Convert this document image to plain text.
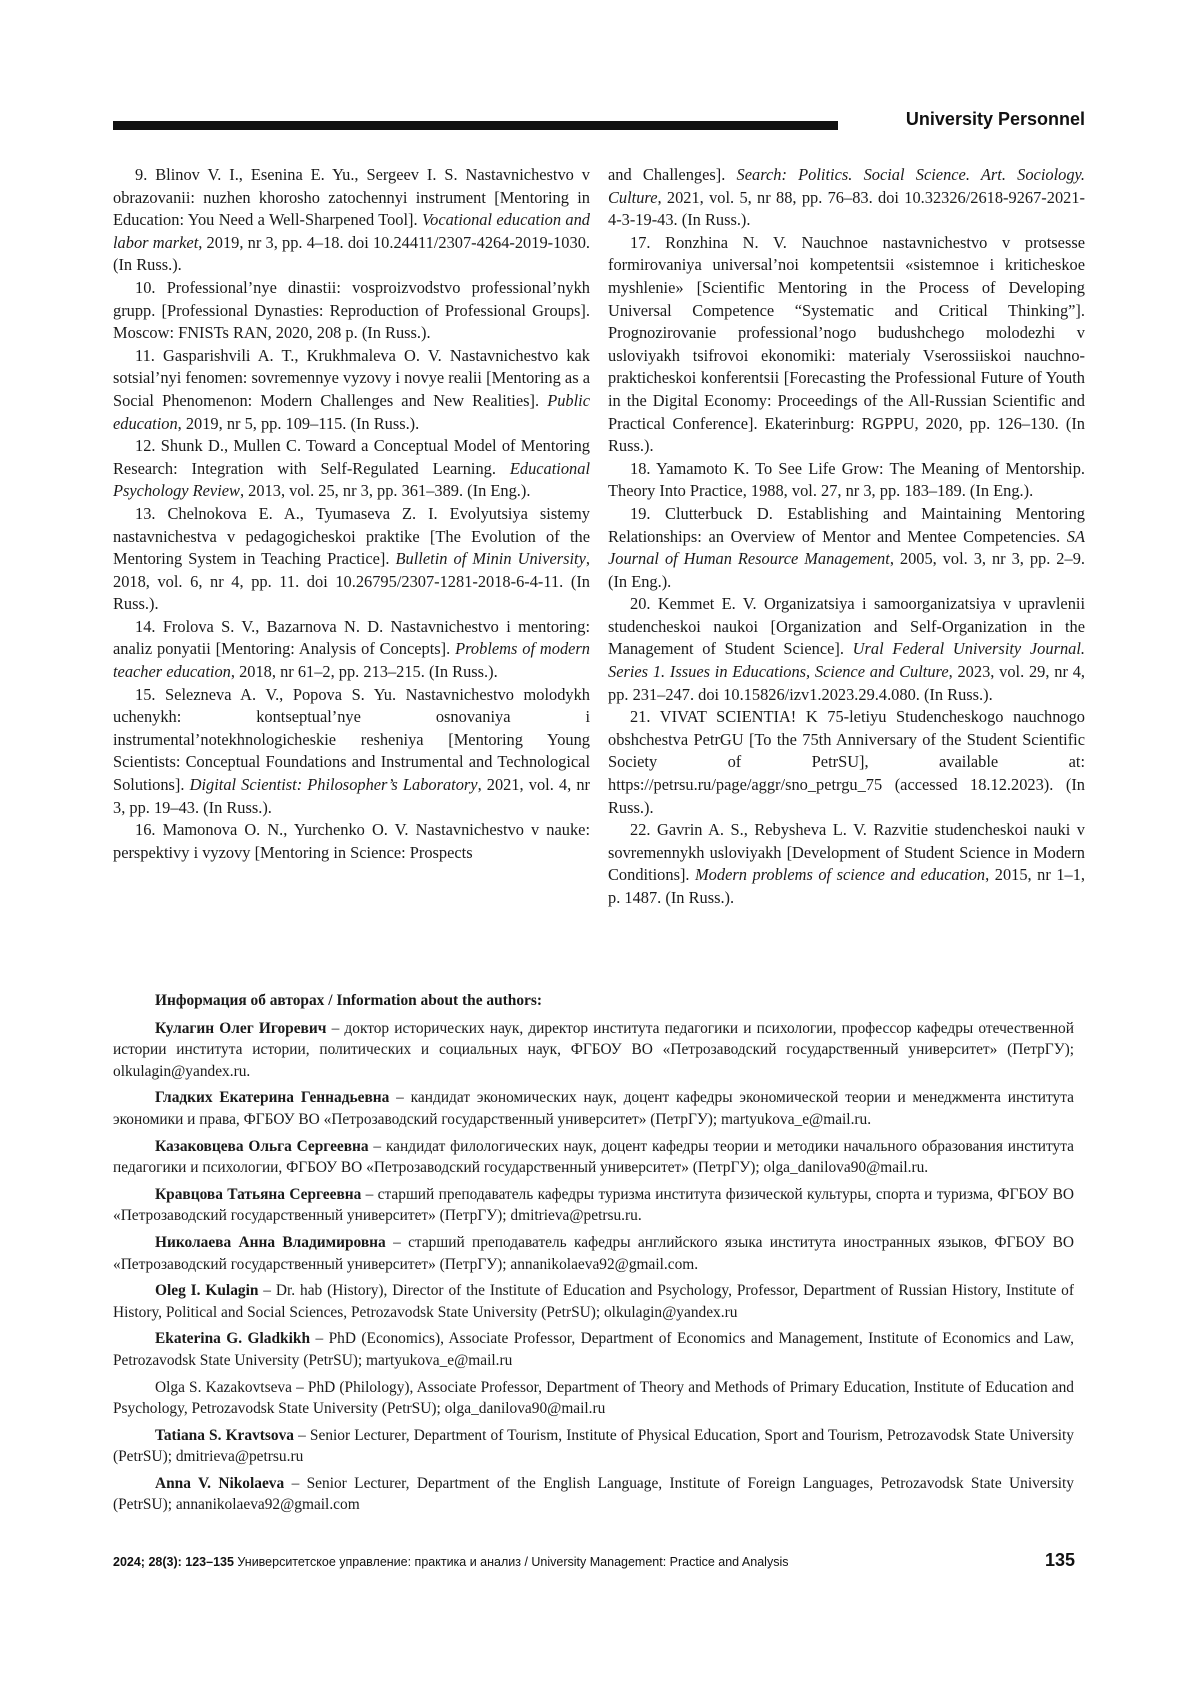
University Personnel

9. Blinov V. I., Esenina E. Yu., Sergeev I. S. Nastavnichestvo v obrazovanii: nuzhen khorosho zatochennyi instrument [Mentoring in Education: You Need a Well-Sharpened Tool]. Vocational education and labor market, 2019, nr 3, pp. 4–18. doi 10.24411/2307-4264-2019-1030. (In Russ.).

10. Professional’nye dinastii: vosproizvodstvo professional’nykh grupp. [Professional Dynasties: Reproduction of Professional Groups]. Moscow: FNISTs RAN, 2020, 208 p. (In Russ.).

11. Gasparishvili A. T., Krukhmaleva O. V. Nastavnichestvo kak sotsial’nyi fenomen: sovremennye vyzovy i novye realii [Mentoring as a Social Phenomenon: Modern Challenges and New Realities]. Public education, 2019, nr 5, pp. 109–115. (In Russ.).

12. Shunk D., Mullen C. Toward a Conceptual Model of Mentoring Research: Integration with Self-Regulated Learning. Educational Psychology Review, 2013, vol. 25, nr 3, pp. 361–389. (In Eng.).

13. Chelnokova E. A., Tyumaseva Z. I. Evolyutsiya sistemy nastavnichestva v pedagogicheskoi praktike [The Evolution of the Mentoring System in Teaching Practice]. Bulletin of Minin University, 2018, vol. 6, nr 4, pp. 11. doi 10.26795/2307-1281-2018-6-4-11. (In Russ.).

14. Frolova S. V., Bazarnova N. D. Nastavnichestvo i mentoring: analiz ponyatii [Mentoring: Analysis of Concepts]. Problems of modern teacher education, 2018, nr 61–2, pp. 213–215. (In Russ.).

15. Selezneva A. V., Popova S. Yu. Nastavnichestvo molodykh uchenykh: kontseptual’nye osnovaniya i instrumental’notekhnologicheskie resheniya [Mentoring Young Scientists: Conceptual Foundations and Instrumental and Technological Solutions]. Digital Scientist: Philosopher’s Laboratory, 2021, vol. 4, nr 3, pp. 19–43. (In Russ.).

16. Mamonova O. N., Yurchenko O. V. Nastavnichestvo v nauke: perspektivy i vyzovy [Mentoring in Science: Prospects

and Challenges]. Search: Politics. Social Science. Art. Sociology. Culture, 2021, vol. 5, nr 88, pp. 76–83. doi 10.32326/2618-9267-2021-4-3-19-43. (In Russ.).

17. Ronzhina N. V. Nauchnoe nastavnichestvo v protsesse formirovaniya universal’noi kompetentsii «sistemnoe i kriticheskoe myshlenie» [Scientific Mentoring in the Process of Developing Universal Competence “Systematic and Critical Thinking”]. Prognozirovanie professional’nogo budushchego molodezhi v usloviyakh tsifrovoi ekonomiki: materialy Vserossiiskoi nauchno-prakticheskoi konferentsii [Forecasting the Professional Future of Youth in the Digital Economy: Proceedings of the All-Russian Scientific and Practical Conference]. Ekaterinburg: RGPPU, 2020, pp. 126–130. (In Russ.).

18. Yamamoto K. To See Life Grow: The Meaning of Mentorship. Theory Into Practice, 1988, vol. 27, nr 3, pp. 183–189. (In Eng.).

19. Clutterbuck D. Establishing and Maintaining Mentoring Relationships: an Overview of Mentor and Mentee Competencies. SA Journal of Human Resource Management, 2005, vol. 3, nr 3, pp. 2–9. (In Eng.).

20. Kemmet E. V. Organizatsiya i samoorganizatsiya v upravlenii studencheskoi naukoi [Organization and Self-Organization in the Management of Student Science]. Ural Federal University Journal. Series 1. Issues in Educations, Science and Culture, 2023, vol. 29, nr 4, pp. 231–247. doi 10.15826/izv1.2023.29.4.080. (In Russ.).

21. VIVAT SCIENTIA! K 75-letiyu Studencheskogo nauchnogo obshchestva PetrGU [To the 75th Anniversary of the Student Scientific Society of PetrSU], available at: https://petrsu.ru/page/aggr/sno_petrgu_75 (accessed 18.12.2023). (In Russ.).

22. Gavrin A. S., Rebysheva L. V. Razvitie studencheskoi nauki v sovremennykh usloviyakh [Development of Student Science in Modern Conditions]. Modern problems of science and education, 2015, nr 1–1, p. 1487. (In Russ.).

Информация об авторах / Information about the authors:

Кулагин Олег Игоревич – доктор исторических наук, директор института педагогики и психологии, профессор кафедры отечественной истории института истории, политических и социальных наук, ФГБОУ ВО «Петрозаводский государственный университет» (ПетрГУ); olkulagin@yandex.ru.

Гладких Екатерина Геннадьевна – кандидат экономических наук, доцент кафедры экономической теории и менеджмента института экономики и права, ФГБОУ ВО «Петрозаводский государственный университет» (ПетрГУ); martyukova_e@mail.ru.

Казаковцева Ольга Сергеевна – кандидат филологических наук, доцент кафедры теории и методики начального образования института педагогики и психологии, ФГБОУ ВО «Петрозаводский государственный университет» (ПетрГУ); olga_danilova90@mail.ru.

Кравцова Татьяна Сергеевна – старший преподаватель кафедры туризма института физической культуры, спорта и туризма, ФГБОУ ВО «Петрозаводский государственный университет» (ПетрГУ); dmitrieva@petrsu.ru.

Николаева Анна Владимировна – старший преподаватель кафедры английского языка института иностранных языков, ФГБОУ ВО «Петрозаводский государственный университет» (ПетрГУ); annanikolaeva92@gmail.com.

Oleg I. Kulagin – Dr. hab (History), Director of the Institute of Education and Psychology, Professor, Department of Russian History, Institute of History, Political and Social Sciences, Petrozavodsk State University (PetrSU); olkulagin@yandex.ru

Ekaterina G. Gladkikh – PhD (Economics), Associate Professor, Department of Economics and Management, Institute of Economics and Law, Petrozavodsk State University (PetrSU); martyukova_e@mail.ru

Olga S. Kazakovtseva – PhD (Philology), Associate Professor, Department of Theory and Methods of Primary Education, Institute of Education and Psychology, Petrozavodsk State University (PetrSU); olga_danilova90@mail.ru

Tatiana S. Kravtsova – Senior Lecturer, Department of Tourism, Institute of Physical Education, Sport and Tourism, Petrozavodsk State University (PetrSU); dmitrieva@petrsu.ru

Anna V. Nikolaeva – Senior Lecturer, Department of the English Language, Institute of Foreign Languages, Petrozavodsk State University (PetrSU); annanikolaeva92@gmail.com

2024; 28(3): 123–135 Университетское управление: практика и анализ / University Management: Practice and Analysis	135
